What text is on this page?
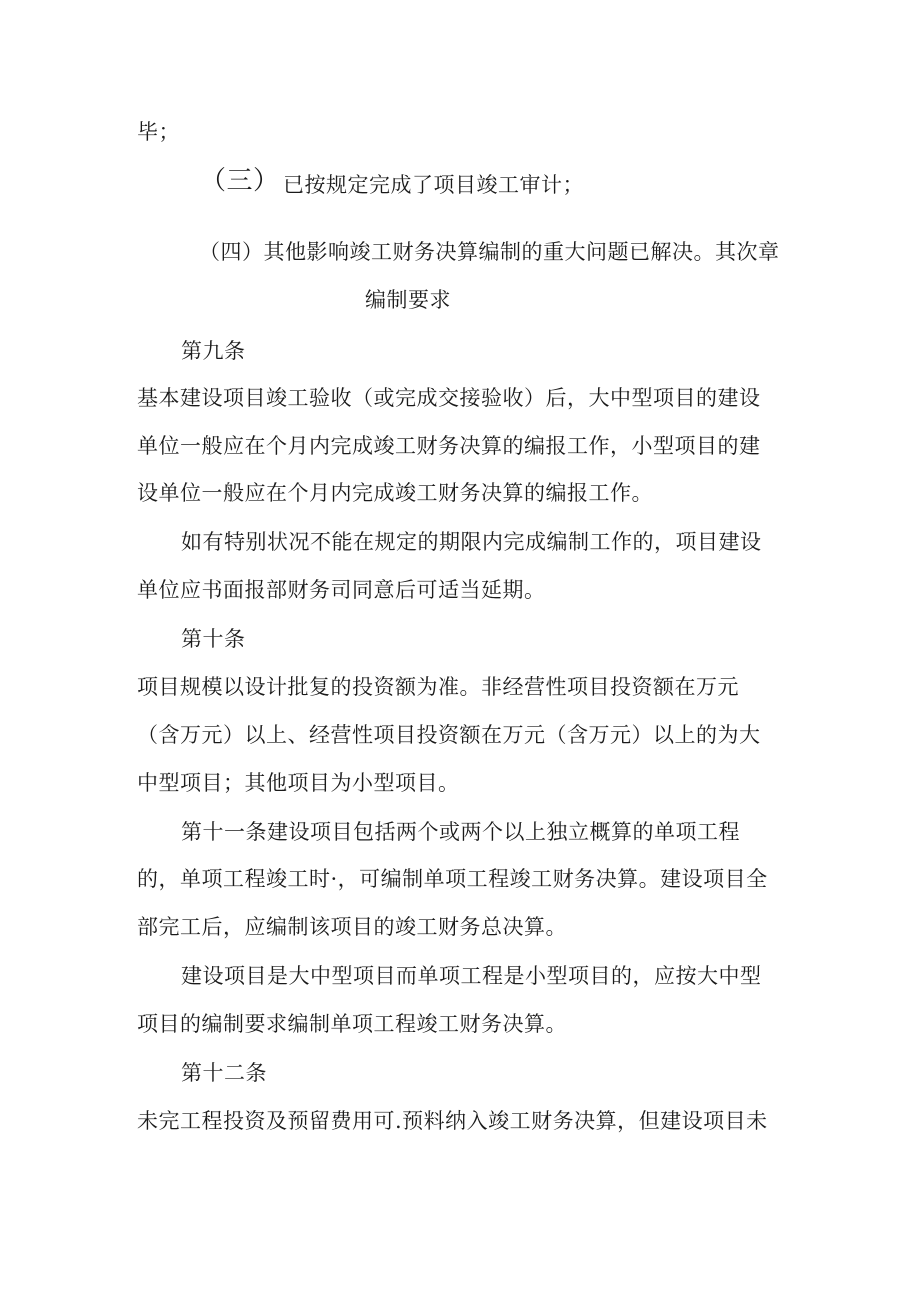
毕；

（三） 已按规定完成了项目竣工审计；

（四）其他影响竣工财务决算编制的重大问题已解决。其次章

编制要求

第九条

基本建设项目竣工验收（或完成交接验收）后，大中型项目的建设

单位一般应在个月内完成竣工财务决算的编报工作，小型项目的建

设单位一般应在个月内完成竣工财务决算的编报工作。

如有特别状况不能在规定的期限内完成编制工作的，项目建设

单位应书面报部财务司同意后可适当延期。

第十条

项目规模以设计批复的投资额为准。非经营性项目投资额在万元

（含万元）以上、经营性项目投资额在万元（含万元）以上的为大

中型项目；其他项目为小型项目。

第十一条建设项目包括两个或两个以上独立概算的单项工程

的，单项工程竣工时·，可编制单项工程竣工财务决算。建设项目全

部完工后，应编制该项目的竣工财务总决算。

建设项目是大中型项目而单项工程是小型项目的，应按大中型

项目的编制要求编制单项工程竣工财务决算。

第十二条

未完工程投资及预留费用可.预料纳入竣工财务决算，但建设项目未
